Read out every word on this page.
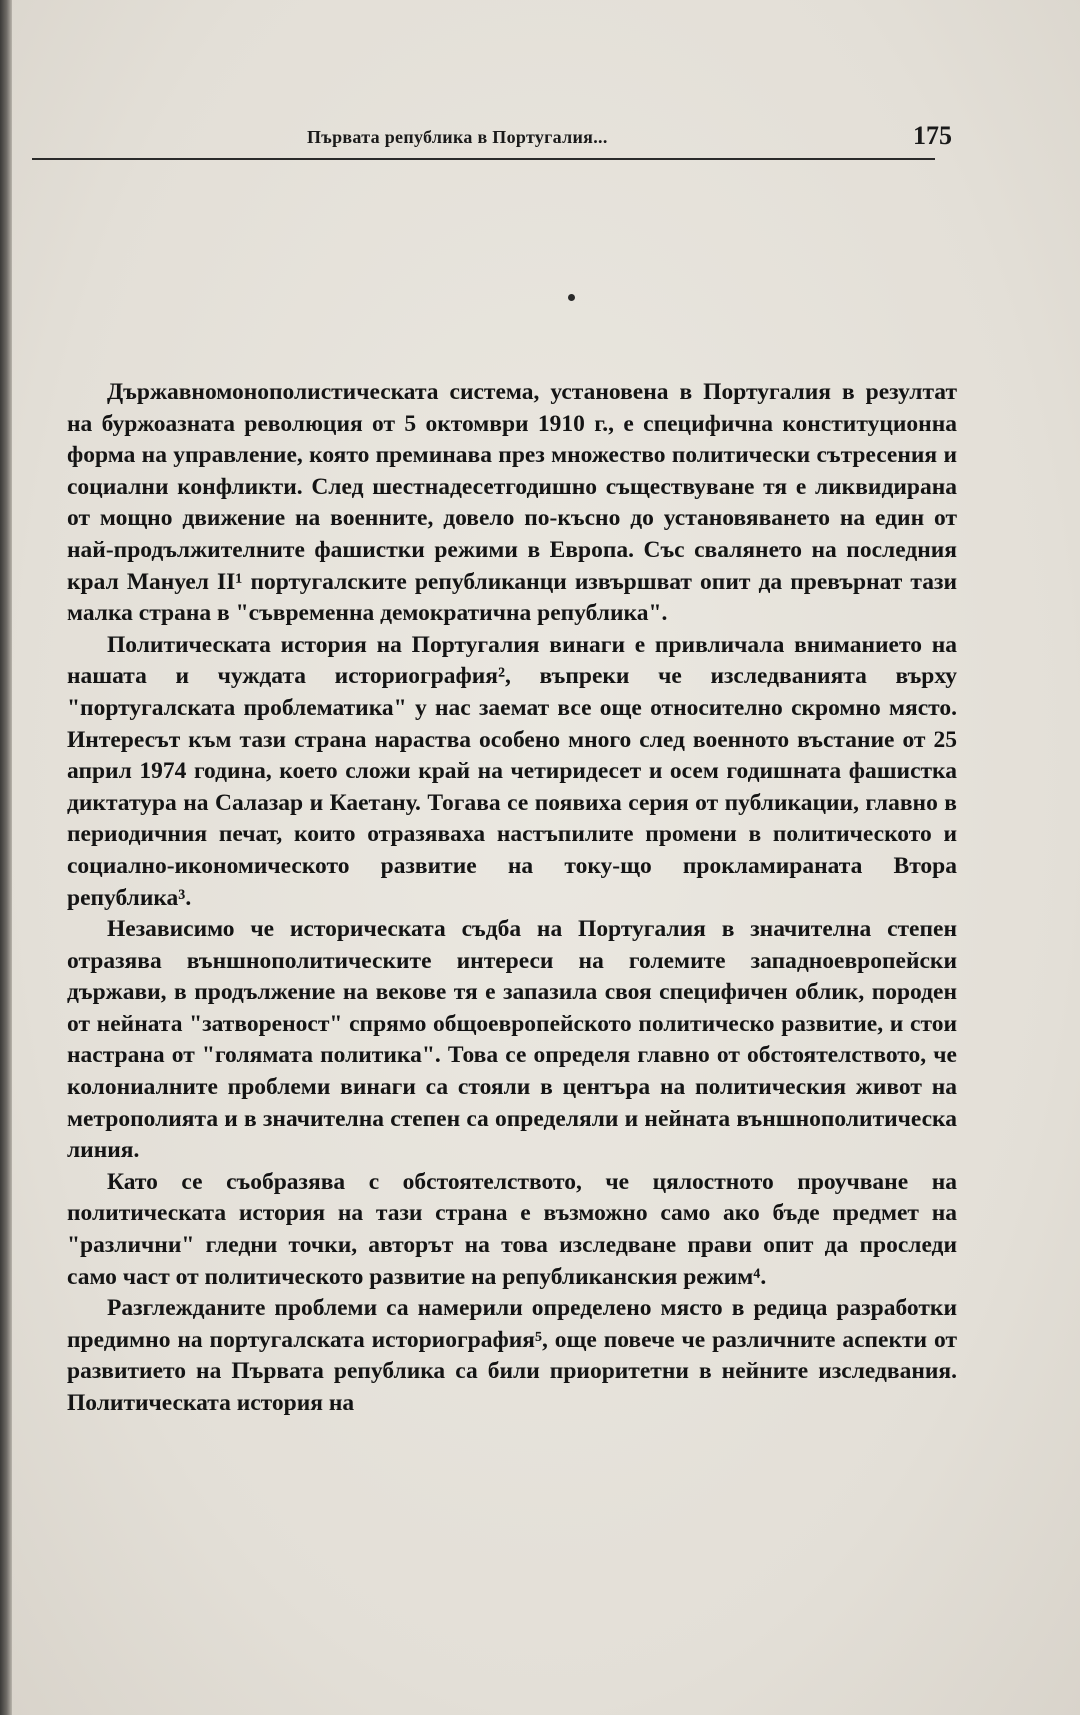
Първата република в Португалия...	175

Държавномонополистическата система, установена в Португалия в резултат на буржоазната революция от 5 октомври 1910 г., е специфична конституционна форма на управление, която преминава през множество политически сътресения и социални конфликти. След шестнадесетгодишно съществуване тя е ликвидирана от мощно движение на военните, довело по-късно до установяването на един от най-продължителните фашистки режими в Европа. Със свалянето на последния крал Мануел II¹ португалските републиканци извършват опит да превърнат тази малка страна в "съвременна демократична република".

Политическата история на Португалия винаги е привличала вниманието на нашата и чуждата историография², въпреки че изследванията върху "португалската проблематика" у нас заемат все още относително скромно място. Интересът към тази страна нараства особено много след военното въстание от 25 април 1974 година, което сложи край на четиридесет и осем годишната фашистка диктатура на Салазар и Каетану. Тогава се появиха серия от публикации, главно в периодичния печат, които отразяваха настъпилите промени в политическото и социално-икономическото развитие на току-що прокламираната Втора република³.

Независимо че историческата съдба на Португалия в значителна степен отразява външнополитическите интереси на големите западноевропейски държави, в продължение на векове тя е запазила своя специфичен облик, породен от нейната "затвореност" спрямо общоевропейското политическо развитие, и стои настрана от "голямата политика". Това се определя главно от обстоятелството, че колониалните проблеми винаги са стояли в центъра на политическия живот на метрополията и в значителна степен са определяли и нейната външнополитическа линия.

Като се съобразява с обстоятелството, че цялостното проучване на политическата история на тази страна е възможно само ако бъде предмет на "различни" гледни точки, авторът на това изследване прави опит да проследи само част от политическото развитие на републиканския режим⁴.

Разглежданите проблеми са намерили определено място в редица разработки предимно на португалската историография⁵, още повече че различните аспекти от развитието на Първата република са били приоритетни в нейните изследвания. Политическата история на
